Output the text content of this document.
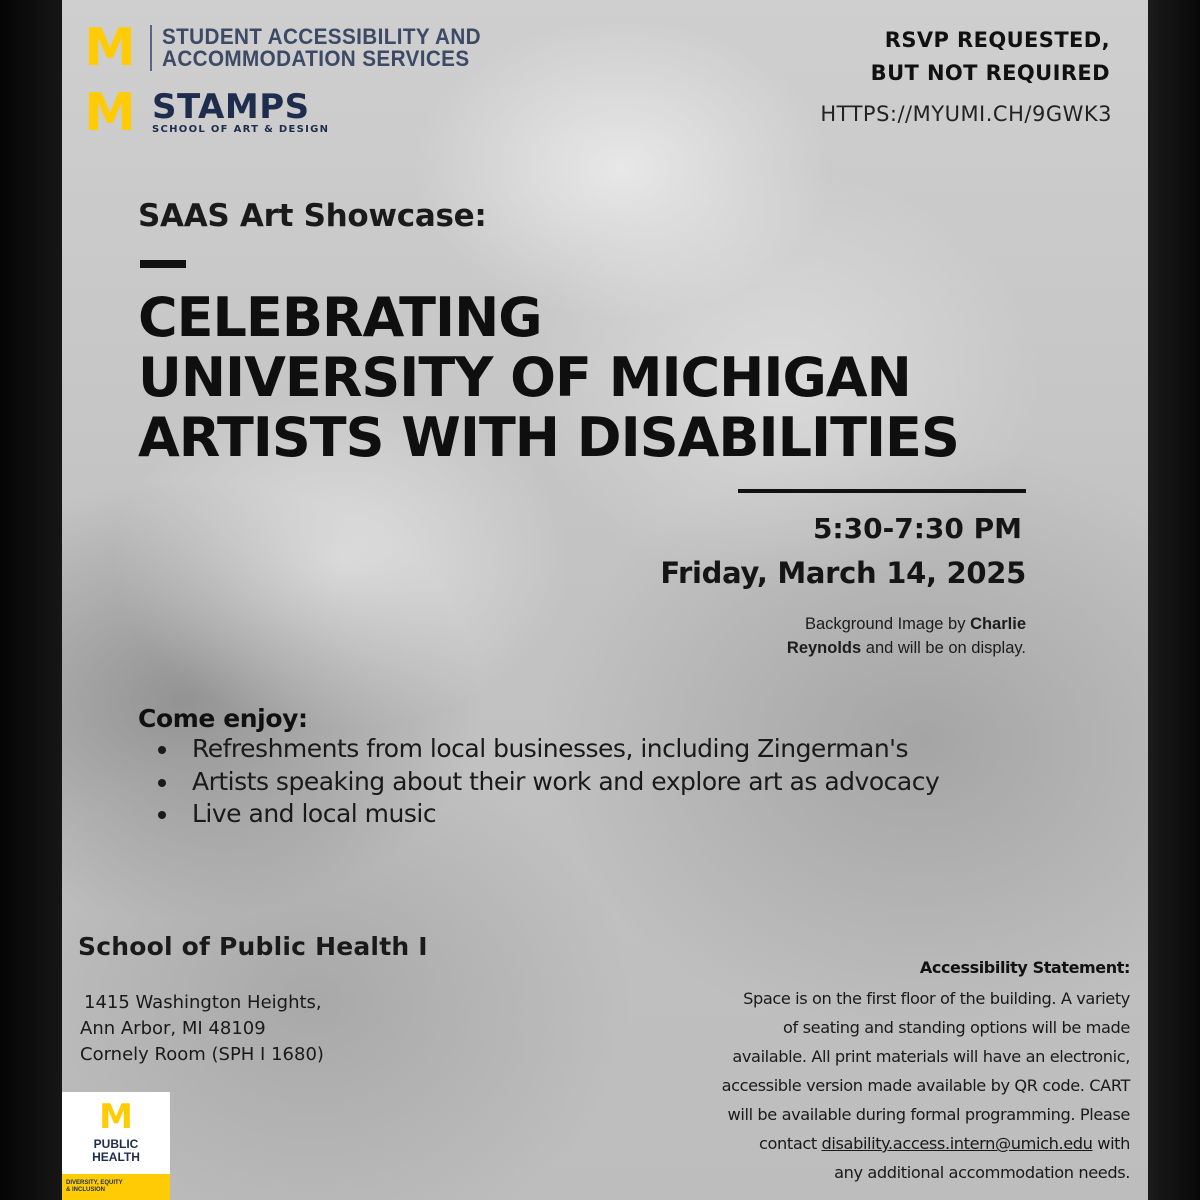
M STUDENT ACCESSIBILITY AND
ACCOMMODATION SERVICES
M STAMPS
SCHOOL OF ART & DESIGN
RSVP REQUESTED,
BUT NOT REQUIRED
HTTPS://MYUMI.CH/9GWK3
SAAS Art Showcase:
CELEBRATING
UNIVERSITY OF MICHIGAN
ARTISTS WITH DISABILITIES
5:30-7:30 PM
Friday, March 14, 2025
Background Image by Charlie
Reynolds and will be on display.
Come enjoy:
• Refreshments from local businesses, including Zingerman's
• Artists speaking about their work and explore art as advocacy
• Live and local music
School of Public Health I
1415 Washington Heights,
Ann Arbor, MI 48109
Cornely Room (SPH I 1680)
Accessibility Statement:
Space is on the first floor of the building. A variety
of seating and standing options will be made
available. All print materials will have an electronic,
accessible version made available by QR code. CART
will be available during formal programming. Please
contact disability.access.intern@umich.edu with
any additional accommodation needs.
M
PUBLIC
HEALTH
DIVERSITY, EQUITY
& INCLUSION
